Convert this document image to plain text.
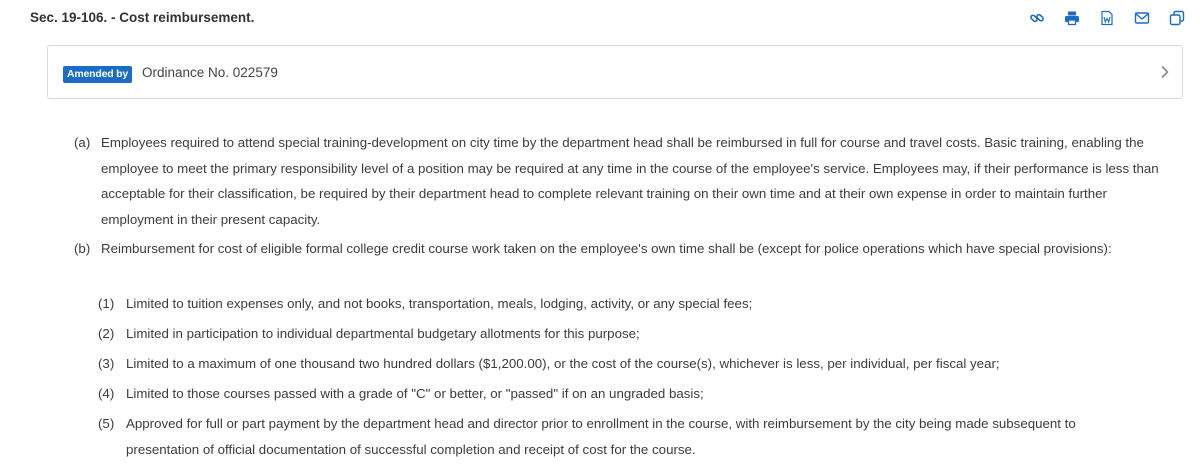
Sec. 19-106. - Cost reimbursement.
Amended by Ordinance No. 022579
(a) Employees required to attend special training-development on city time by the department head shall be reimbursed in full for course and travel costs. Basic training, enabling the employee to meet the primary responsibility level of a position may be required at any time in the course of the employee's service. Employees may, if their performance is less than acceptable for their classification, be required by their department head to complete relevant training on their own time and at their own expense in order to maintain further employment in their present capacity.
(b) Reimbursement for cost of eligible formal college credit course work taken on the employee's own time shall be (except for police operations which have special provisions):
(1) Limited to tuition expenses only, and not books, transportation, meals, lodging, activity, or any special fees;
(2) Limited in participation to individual departmental budgetary allotments for this purpose;
(3) Limited to a maximum of one thousand two hundred dollars ($1,200.00), or the cost of the course(s), whichever is less, per individual, per fiscal year;
(4) Limited to those courses passed with a grade of "C" or better, or "passed" if on an ungraded basis;
(5) Approved for full or part payment by the department head and director prior to enrollment in the course, with reimbursement by the city being made subsequent to presentation of official documentation of successful completion and receipt of cost for the course.
